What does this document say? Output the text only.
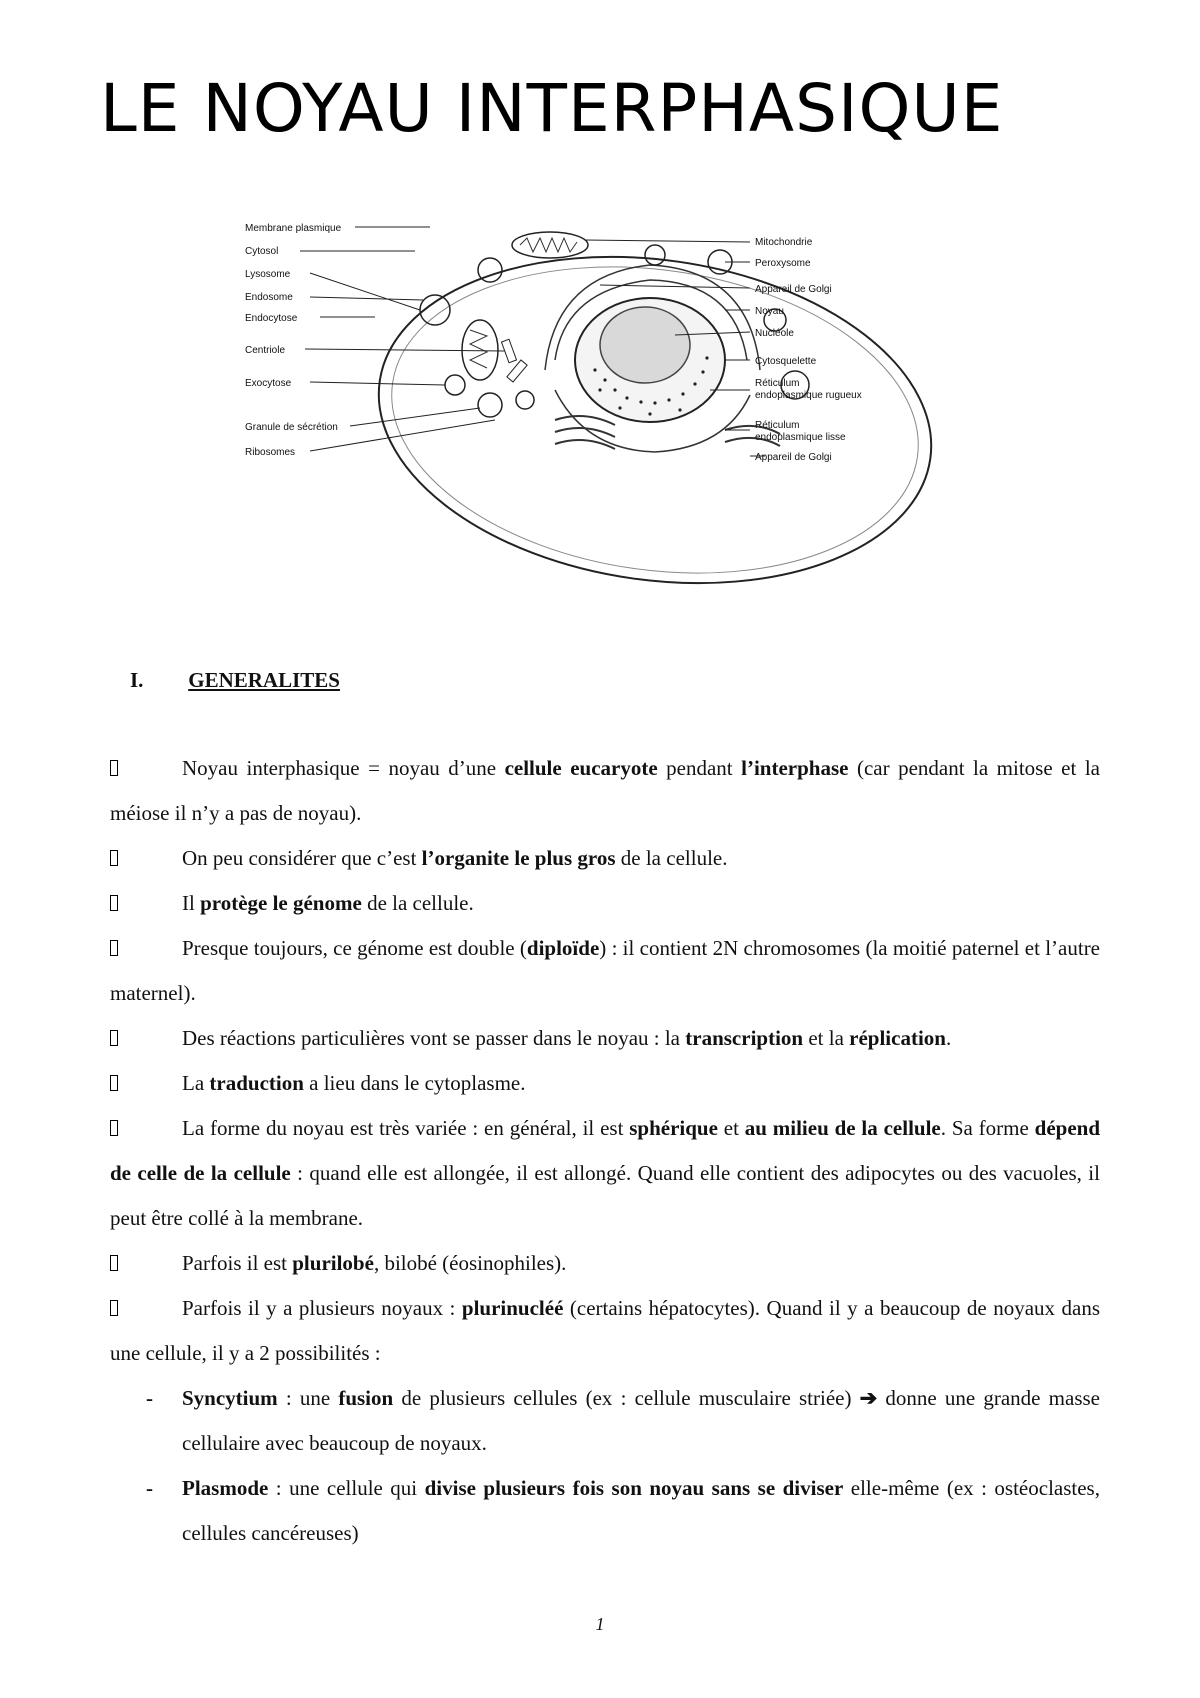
LE NOYAU INTERPHASIQUE
Membrane plasmique
Cytosol
Lysosome
Endosome
Endocytose
Centriole
Exocytose
Granule de sécrétion
Ribosomes
Mitochondrie
Peroxysome
Appareil de Golgi
Noyau
Nucléole
Cytosquelette
Réticulum
endoplasmique rugueux
Réticulum
endoplasmique lisse
Appareil de Golgi
I. GENERALITES

Noyau interphasique = noyau d’une cellule eucaryote pendant l’interphase (car pendant la mitose et la méiose il n’y a pas de noyau).

On peu considérer que c’est l’organite le plus gros de la cellule.

Il protège le génome de la cellule.

Presque toujours, ce génome est double (diploïde) : il contient 2N chromosomes (la moitié paternel et l’autre maternel).

Des réactions particulières vont se passer dans le noyau : la transcription et la réplication.

La traduction a lieu dans le cytoplasme.

La forme du noyau est très variée : en général, il est sphérique et au milieu de la cellule. Sa forme dépend de celle de la cellule : quand elle est allongée, il est allongé. Quand elle contient des adipocytes ou des vacuoles, il peut être collé à la membrane.

Parfois il est plurilobé, bilobé (éosinophiles).

Parfois il y a plusieurs noyaux : plurinucléé (certains hépatocytes). Quand il y a beaucoup de noyaux dans une cellule, il y a 2 possibilités :

- Syncytium : une fusion de plusieurs cellules (ex : cellule musculaire striée) ➔ donne une grande masse cellulaire avec beaucoup de noyaux.
- Plasmode : une cellule qui divise plusieurs fois son noyau sans se diviser elle-même (ex : ostéoclastes, cellules cancéreuses)
1
